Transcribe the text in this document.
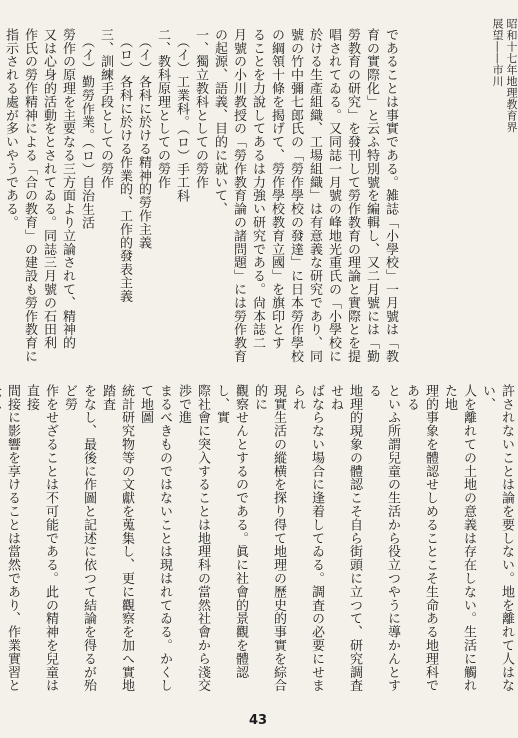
昭和十七年地理教育界展望――市川

であることは事實である。雑誌「小學校」一月號は「教

育の實際化」と云ふ特別號を編輯し、又二月號には「勤

勞教育の研究」を發刊して勞作教育の理論と實際とを提

唱されてゐる。又同誌一月號の峰地光重氏の「小學校に

於ける生產組織、工場組織」は有意義な研究であり、同

號の竹中彌七郎氏の「勞作學校の發達」に日本勞作學校

の綱領十條を揭げて、勞作學校教育立國」を旗印とす

ることを力說してあるは力強い研究である。尙本誌二

月號の小川教授の「勞作教育論の諸問題」には勞作教育

の起源、語義、目的に就いて、

一、獨立教科としての勞作

　（イ）工業科。（ロ）手工科

二、教科原理としての勞作

　（イ）各科に於ける精神的勞作主義

　（ロ）各科に於ける作業的、工作的發表主義

三、訓練手段としての勞作

　（イ）勤勞作業。（ロ）自治生活

勞作の原理を主要なる三方面より立論されて、精神的

又は心身的活動をとされてゐる。同誌三月號の石田利

作氏の勞作精神による「合の教育」の建設も勞作教育に

指示される處が多いやうである。

許されないことは論を要しない。地を離れて人はない、

人を離れての土地の意義は存在しない。生活に觸れた地

理的事象を體認せしめることこそ生命ある地理科である

といふ所謂兒童の生活から役立つやうに導かんとする

地理的現象の體認こそ自ら街頭に立つて、研究調査せね

ばならない場合に逢着してゐる。調査の必要にせまられ

現實生活の縱横を探り得て地理の歷史的事實を綜合的に

觀察せんとするのである。眞に社會的景觀を體認し、實

際社會に突入することは地理科の當然社會から淺交渉で進

まるべきものではないことは現はれてゐる。かくして地圖

統計研究物等の文獻を蒐集し、更に觀察を加へ實地踏査

をなし、最後に作圖と記述に依つて結論を得るが殆ど勞

作をせざることは不可能である。此の精神を兒童は直接

間接に影響を享けることは當然であり、作業實習と

43
